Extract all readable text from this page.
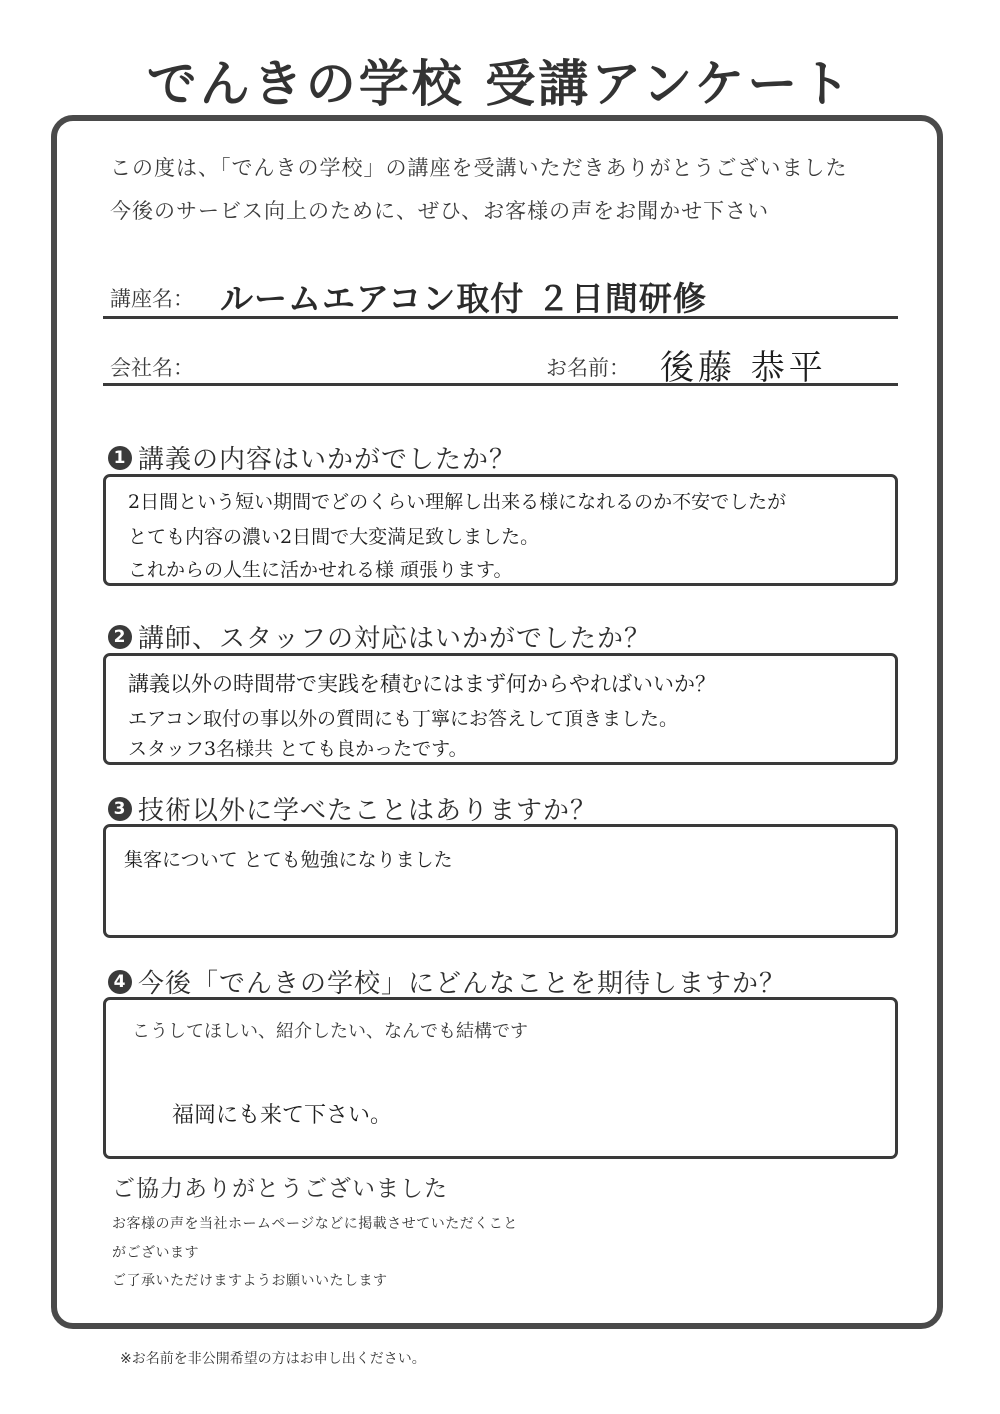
でんきの学校 受講アンケート
この度は、「でんきの学校」の講座を受講いただきありがとうございました
今後のサービス向上のために、ぜひ、お客様の声をお聞かせ下さい
講座名： ルームエアコン取付 ２日間研修
会社名：	お名前： 後藤 恭平
1 講義の内容はいかがでしたか？
2日間という短い期間でどのくらい理解し出来る様になれるのか不安でしたが
とても内容の濃い2日間で大変満足致しました。
これからの人生に活かせれる様 頑張ります。
2 講師、スタッフの対応はいかがでしたか？
講義以外の時間帯で実践を積むにはまず何からやればいいか？
エアコン取付の事以外の質問にも丁寧にお答えして頂きました。
スタッフ3名様共 とても良かったです。
3 技術以外に学べたことはありますか？
集客について とても勉強になりました
4 今後「でんきの学校」にどんなことを期待しますか？
こうしてほしい、紹介したい、なんでも結構です
福岡にも来て下さい。
ご協力ありがとうございました
お客様の声を当社ホームページなどに掲載させていただくこと
がございます
ご了承いただけますようお願いいたします
※お名前を非公開希望の方はお申し出ください。
